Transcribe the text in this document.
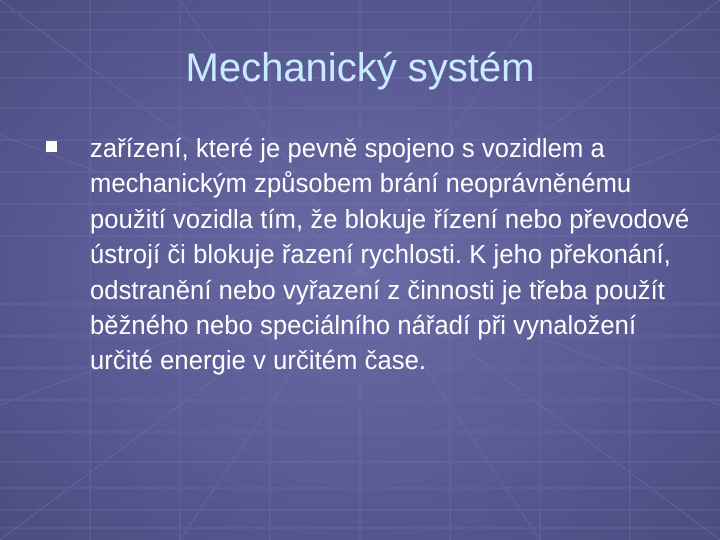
Mechanický systém
zařízení, které je pevně spojeno s vozidlem a mechanickým způsobem brání neoprávněnému použití vozidla tím, že blokuje řízení nebo převodové ústrojí či blokuje řazení rychlosti. K jeho překonání, odstranění nebo vyřazení z činnosti je třeba použít běžného nebo speciálního nářadí při vynaložení určité energie v určitém čase.
